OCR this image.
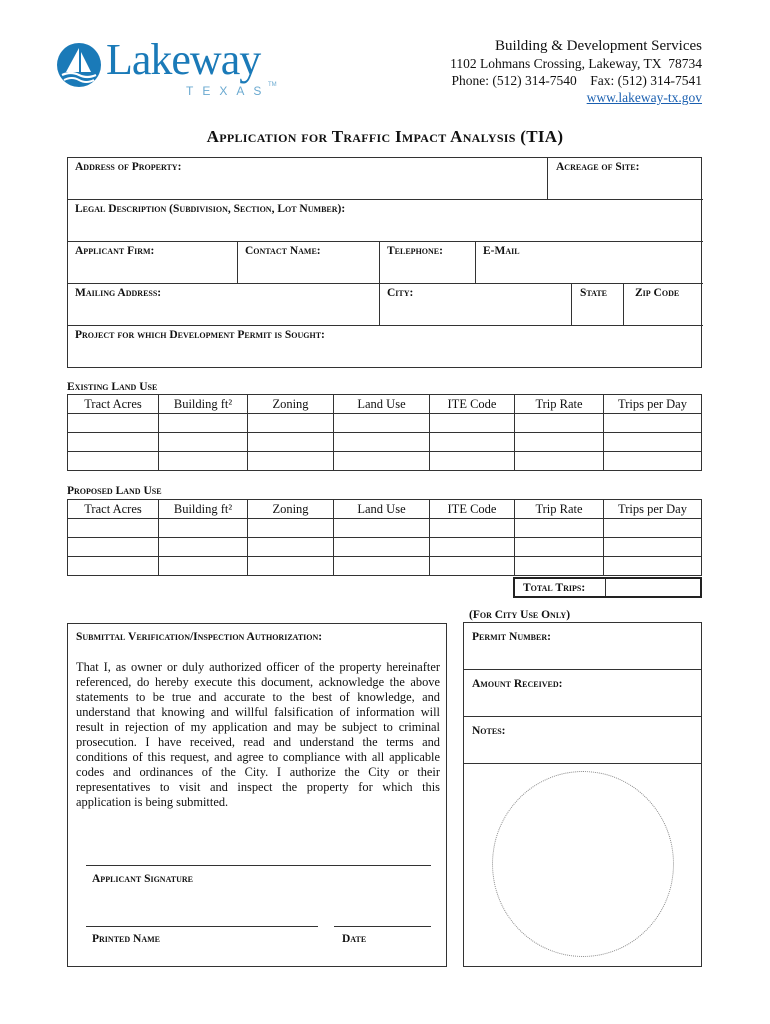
Lakeway
TEXAS
TM
Building & Development Services
1102 Lohmans Crossing, Lakeway, TX  78734
Phone: (512) 314-7540    Fax: (512) 314-7541
www.lakeway-tx.gov
Application for Traffic Impact Analysis (TIA)
Address of Property:	Acreage of Site:
Legal Description (Subdivision, Section, Lot Number):
Applicant Firm:	Contact Name:	Telephone:	E-Mail
Mailing Address:	City:	State Zip Code
Project for which Development Permit is Sought:
Existing Land Use
Tract Acres	Building ft²	Zoning	Land Use	ITE Code	Trip Rate	Trips per Day

Proposed Land Use
Tract Acres	Building ft²	Zoning	Land Use	ITE Code	Trip Rate	Trips per Day

Total Trips:
(For City Use Only)
Submittal Verification/Inspection Authorization:
That I, as owner or duly authorized officer of the property hereinafter referenced, do hereby execute this document, acknowledge the above statements to be true and accurate to the best of knowledge, and understand that knowing and willful falsification of information will result in rejection of my application and may be subject to criminal prosecution. I have received, read and understand the terms and conditions of this request, and agree to compliance with all applicable codes and ordinances of the City. I authorize the City or their representatives to visit and inspect the property for which this application is being submitted.
Applicant Signature
Printed Name	Date
Permit Number:
Amount Received:
Notes:
